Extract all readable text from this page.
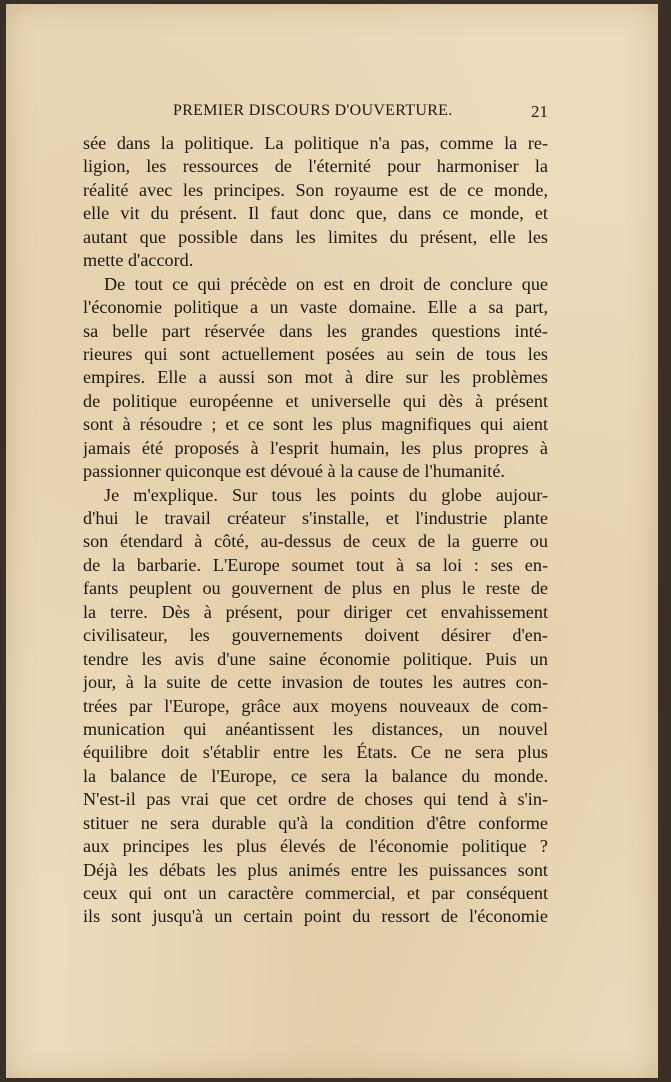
PREMIER DISCOURS D'OUVERTURE.	21
sée dans la politique. La politique n'a pas, comme la re-
ligion, les ressources de l'éternité pour harmoniser la
réalité avec les principes. Son royaume est de ce monde,
elle vit du présent. Il faut donc que, dans ce monde, et
autant que possible dans les limites du présent, elle les
mette d'accord.
De tout ce qui précède on est en droit de conclure que
l'économie politique a un vaste domaine. Elle a sa part,
sa belle part réservée dans les grandes questions inté-
rieures qui sont actuellement posées au sein de tous les
empires. Elle a aussi son mot à dire sur les problèmes
de politique européenne et universelle qui dès à présent
sont à résoudre ; et ce sont les plus magnifiques qui aient
jamais été proposés à l'esprit humain, les plus propres à
passionner quiconque est dévoué à la cause de l'humanité.
Je m'explique. Sur tous les points du globe aujour-
d'hui le travail créateur s'installe, et l'industrie plante
son étendard à côté, au-dessus de ceux de la guerre ou
de la barbarie. L'Europe soumet tout à sa loi : ses en-
fants peuplent ou gouvernent de plus en plus le reste de
la terre. Dès à présent, pour diriger cet envahissement
civilisateur, les gouvernements doivent désirer d'en-
tendre les avis d'une saine économie politique. Puis un
jour, à la suite de cette invasion de toutes les autres con-
trées par l'Europe, grâce aux moyens nouveaux de com-
munication qui anéantissent les distances, un nouvel
équilibre doit s'établir entre les États. Ce ne sera plus
la balance de l'Europe, ce sera la balance du monde.
N'est-il pas vrai que cet ordre de choses qui tend à s'in-
stituer ne sera durable qu'à la condition d'être conforme
aux principes les plus élevés de l'économie politique ?
Déjà les débats les plus animés entre les puissances sont
ceux qui ont un caractère commercial, et par conséquent
ils sont jusqu'à un certain point du ressort de l'économie
